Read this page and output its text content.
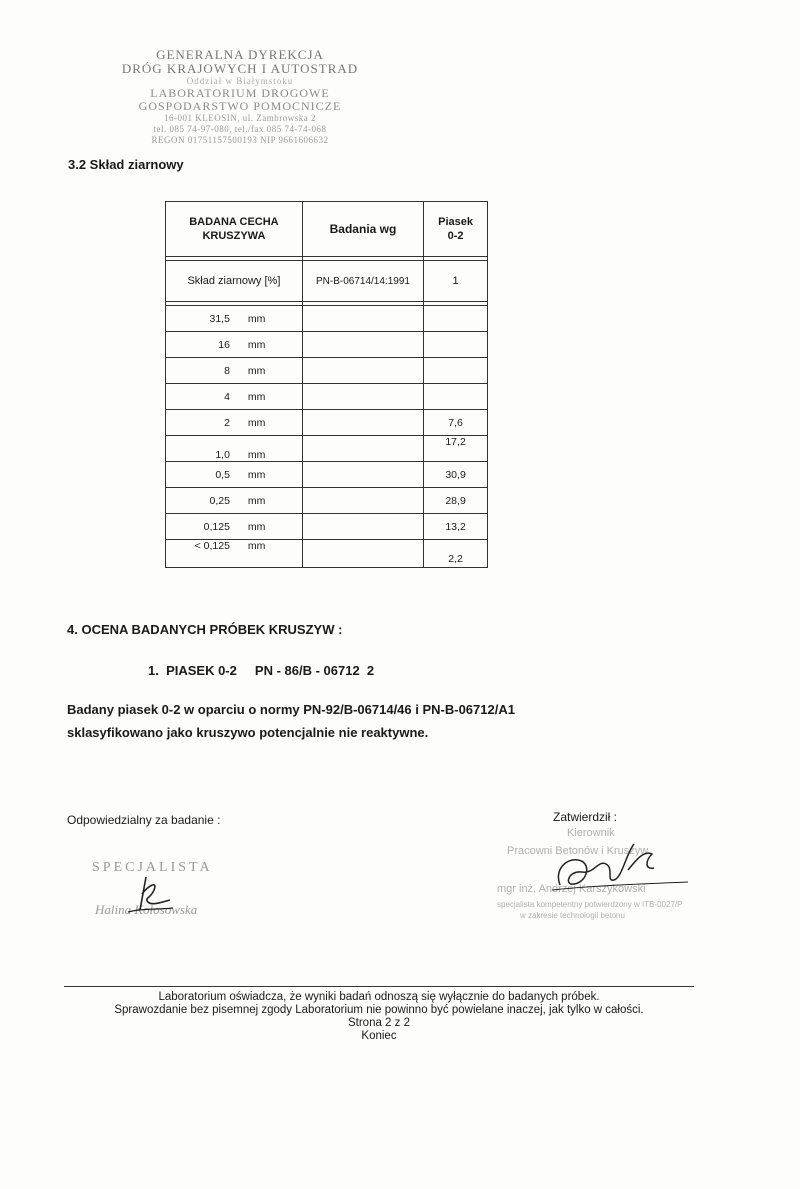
GENERALNA DYREKCJA
DRÓG KRAJOWYCH I AUTOSTRAD
Oddział w Białymstoku
LABORATORIUM DROGOWE
GOSPODARSTWO POMOCNICZE
16-001 KLEOSIN, ul. Zambrowska 2
tel. 085 74-97-080, tel./fax 085 74-74-068
REGON 01751157500193 NIP 9661606632
3.2 Skład ziarnowy
BADANA CECHA KRUSZYWA	Badania wg	Piasek 0-2

Skład ziarnowy [%]	PN-B-06714/14:1991	1

31,5 mm		
16 mm		
8 mm		
4 mm		
2 mm		7,6
1,0 mm		17,2
0,5 mm		30,9
0,25 mm		28,9
0,125 mm		13,2
< 0,125 mm		2,2
4. OCENA BADANYCH PRÓBEK KRUSZYW :
1.  PIASEK 0-2     PN - 86/B - 06712  2
Badany piasek 0-2 w oparciu o normy PN-92/B-06714/46 i PN-B-06712/A1
sklasyfikowano jako kruszywo potencjalnie nie reaktywne.
Odpowiedzialny za badanie :
SPECJALISTA
Halina Kołosowska
Zatwierdził :
Kierownik
Pracowni Betonów i Kruszyw
mgr inż. Andrzej Karszykowski
specjalista kompetentny potwierdzony w ITB-0027/P
w zakresie technologii betonu
Laboratorium oświadcza, że wyniki badań odnoszą się wyłącznie do badanych próbek.
Sprawozdanie bez pisemnej zgody Laboratorium nie powinno być powielane inaczej, jak tylko w całości.
Strona 2 z 2
Koniec
